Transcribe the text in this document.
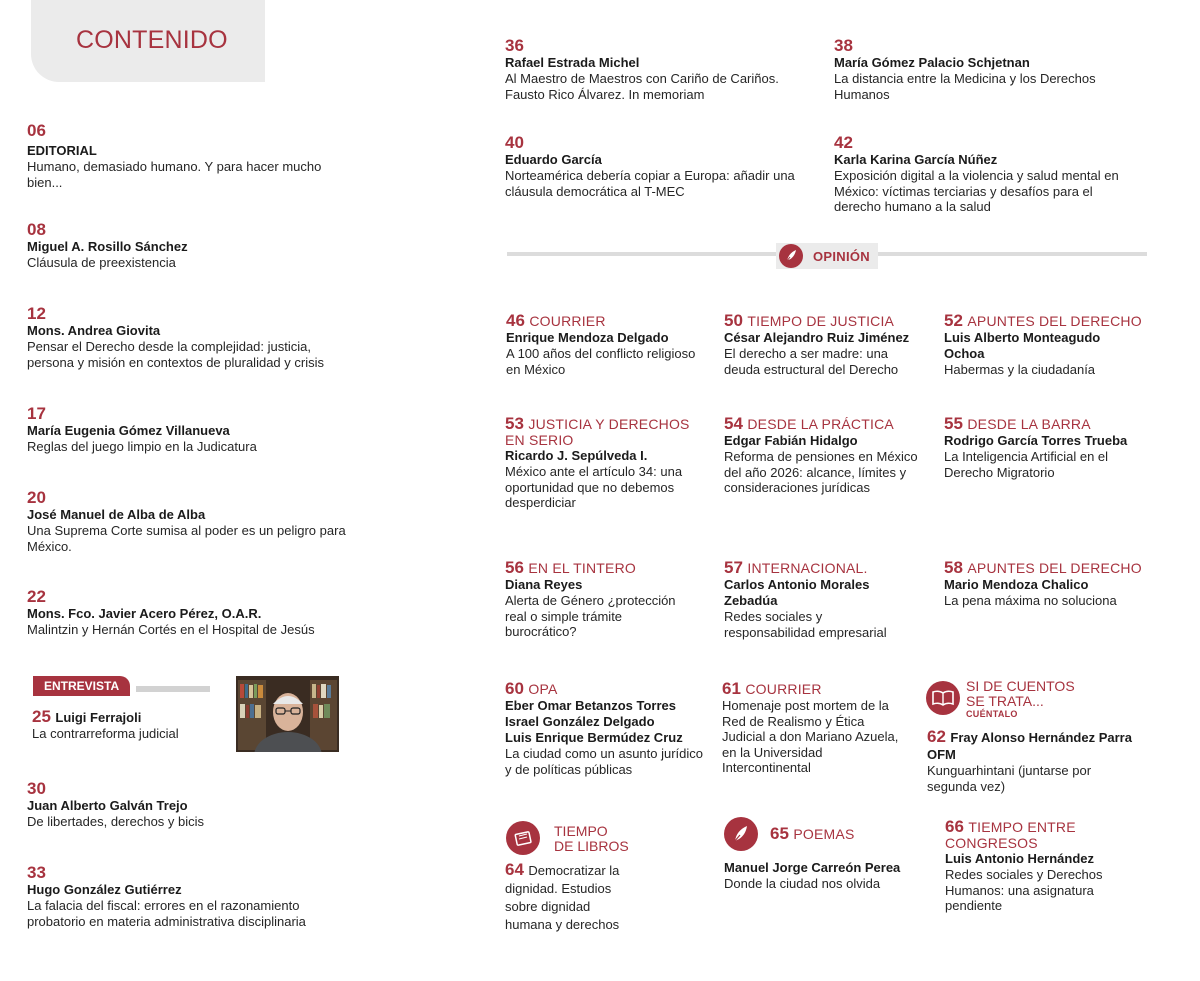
CONTENIDO
06
EDITORIAL
Humano, demasiado humano. Y para hacer mucho bien...
08
Miguel A. Rosillo Sánchez
Cláusula de preexistencia
12
Mons. Andrea Giovita
Pensar el Derecho desde la complejidad: justicia, persona y misión en contextos de pluralidad y crisis
17
María Eugenia Gómez Villanueva
Reglas del juego limpio en la Judicatura
20
José Manuel de Alba de Alba
Una Suprema Corte sumisa al poder es un peligro para México.
22
Mons. Fco. Javier Acero Pérez, O.A.R.
Malintzin y Hernán Cortés en el Hospital de Jesús
ENTREVISTA
25 Luigi Ferrajoli
La contrarreforma judicial
30
Juan Alberto Galván Trejo
De libertades, derechos y bicis
33
Hugo González Gutiérrez
La falacia del fiscal: errores en el razonamiento probatorio en materia administrativa disciplinaria
36
Rafael Estrada Michel
Al Maestro de Maestros con Cariño de Cariños. Fausto Rico Álvarez. In memoriam
38
María Gómez Palacio Schjetnan
La distancia entre la Medicina y los Derechos Humanos
40
Eduardo García
Norteamérica debería copiar a Europa: añadir una cláusula democrática al T-MEC
42
Karla Karina García Núñez
Exposición digital a la violencia y salud mental en México: víctimas terciarias y desafíos para el derecho humano a la salud
OPINIÓN
46 COURRIER
Enrique Mendoza Delgado
A 100 años del conflicto religioso en México
50 TIEMPO DE JUSTICIA
César Alejandro Ruiz Jiménez
El derecho a ser madre: una deuda estructural del Derecho
52 APUNTES DEL DERECHO
Luis Alberto Monteagudo Ochoa
Habermas y la ciudadanía
53 JUSTICIA Y DERECHOS EN SERIO
Ricardo J. Sepúlveda I.
México ante el artículo 34: una oportunidad que no debemos desperdiciar
54 DESDE LA PRÁCTICA
Edgar Fabián Hidalgo
Reforma de pensiones en México del año 2026: alcance, límites y consideraciones jurídicas
55 DESDE LA BARRA
Rodrigo García Torres Trueba
La Inteligencia Artificial en el Derecho Migratorio
56 EN EL TINTERO
Diana Reyes
Alerta de Género ¿protección real o simple trámite burocrático?
57 INTERNACIONAL.
Carlos Antonio Morales Zebadúa
Redes sociales y responsabilidad empresarial
58 APUNTES DEL DERECHO
Mario Mendoza Chalico
La pena máxima no soluciona
60 OPA
Eber Omar Betanzos Torres
Israel González Delgado
Luis Enrique Bermúdez Cruz
La ciudad como un asunto jurídico y de políticas públicas
61 COURRIER
Homenaje post mortem de la Red de Realismo y Ética Judicial a don Mariano Azuela, en la Universidad Intercontinental
SI DE CUENTOS
SE TRATA...
CUÉNTALO
62 Fray Alonso Hernández Parra OFM
Kunguarhintani (juntarse por segunda vez)
TIEMPO
DE LIBROS
64 Democratizar la dignidad. Estudios sobre dignidad humana y derechos
65 POEMAS
Manuel Jorge Carreón Perea
Donde la ciudad nos olvida
66 TIEMPO ENTRE CONGRESOS
Luis Antonio Hernández
Redes sociales y Derechos Humanos: una asignatura pendiente
